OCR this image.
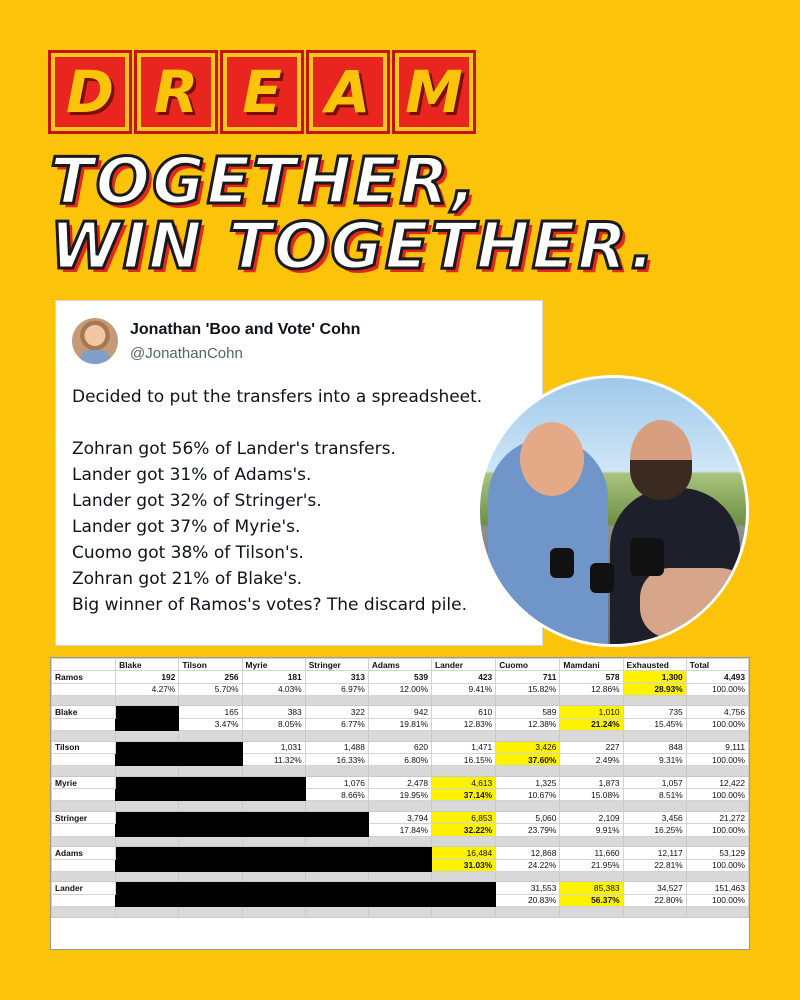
D R E A M
TOGETHER,
WIN TOGETHER.
Jonathan 'Boo and Vote' Cohn
@JonathanCohn

Decided to put the transfers into a spreadsheet.

Zohran got 56% of Lander's transfers.

Lander got 31% of Adams's.

Lander got 32% of Stringer's.

Lander got 37% of Myrie's.

Cuomo got 38% of Tilson's.

Zohran got 21% of Blake's.

Big winner of Ramos's votes? The discard pile.

	Blake	Tilson	Myrie	Stringer	Adams	Lander	Cuomo	Mamdani	Exhausted	Total
Ramos	192	256	181	313	539	423	711	578	1,300	4,493
	4.27%	5.70%	4.03%	6.97%	12.00%	9.41%	15.82%	12.86%	28.93%	100.00%

Blake		165	383	322	942	610	589	1,010	735	4,756
		3.47%	8.05%	6.77%	19.81%	12.83%	12.38%	21.24%	15.45%	100.00%

Tilson			1,031	1,488	620	1,471	3,426	227	848	9,111
			11.32%	16.33%	6.80%	16.15%	37.60%	2.49%	9.31%	100.00%

Myrie				1,076	2,478	4,613	1,325	1,873	1,057	12,422
				8.66%	19.95%	37.14%	10.67%	15.08%	8.51%	100.00%

Stringer					3,794	6,853	5,060	2,109	3,456	21,272
					17.84%	32.22%	23.79%	9.91%	16.25%	100.00%

Adams						16,484	12,868	11,660	12,117	53,129
						31.03%	24.22%	21.95%	22.81%	100.00%

Lander							31,553	85,383	34,527	151,463
							20.83%	56.37%	22.80%	100.00%
